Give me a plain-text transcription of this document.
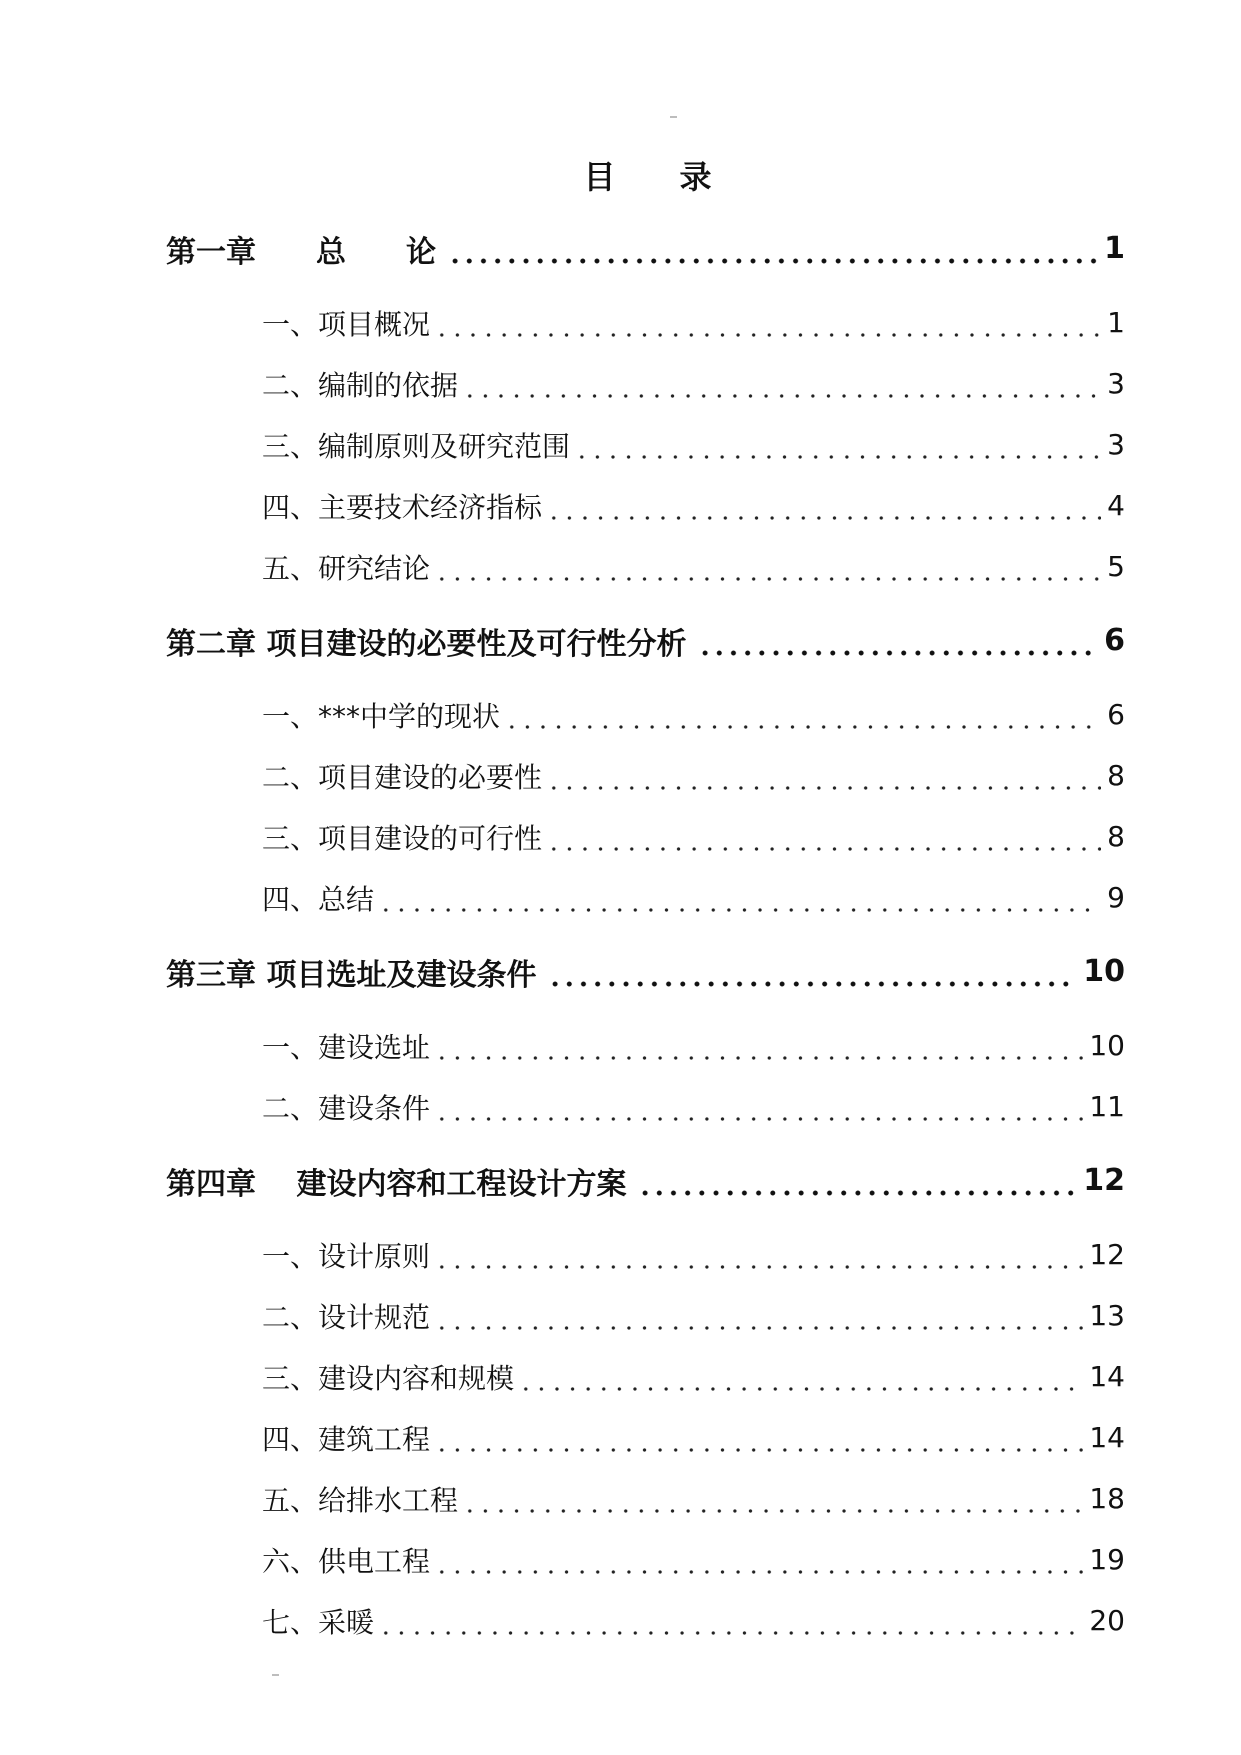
目　　录
第一章　　总　　论	1
一、项目概况	1
二、编制的依据	3
三、编制原则及研究范围	3
四、主要技术经济指标	4
五、研究结论	5
第二章 项目建设的必要性及可行性分析	6
一、***中学的现状	6
二、项目建设的必要性	8
三、项目建设的可行性	8
四、总结	9
第三章 项目选址及建设条件	10
一、建设选址	10
二、建设条件	11
第四章　 建设内容和工程设计方案	12
一、设计原则	12
二、设计规范	13
三、建设内容和规模	14
四、建筑工程	14
五、给排水工程	18
六、供电工程	19
七、采暖	20
